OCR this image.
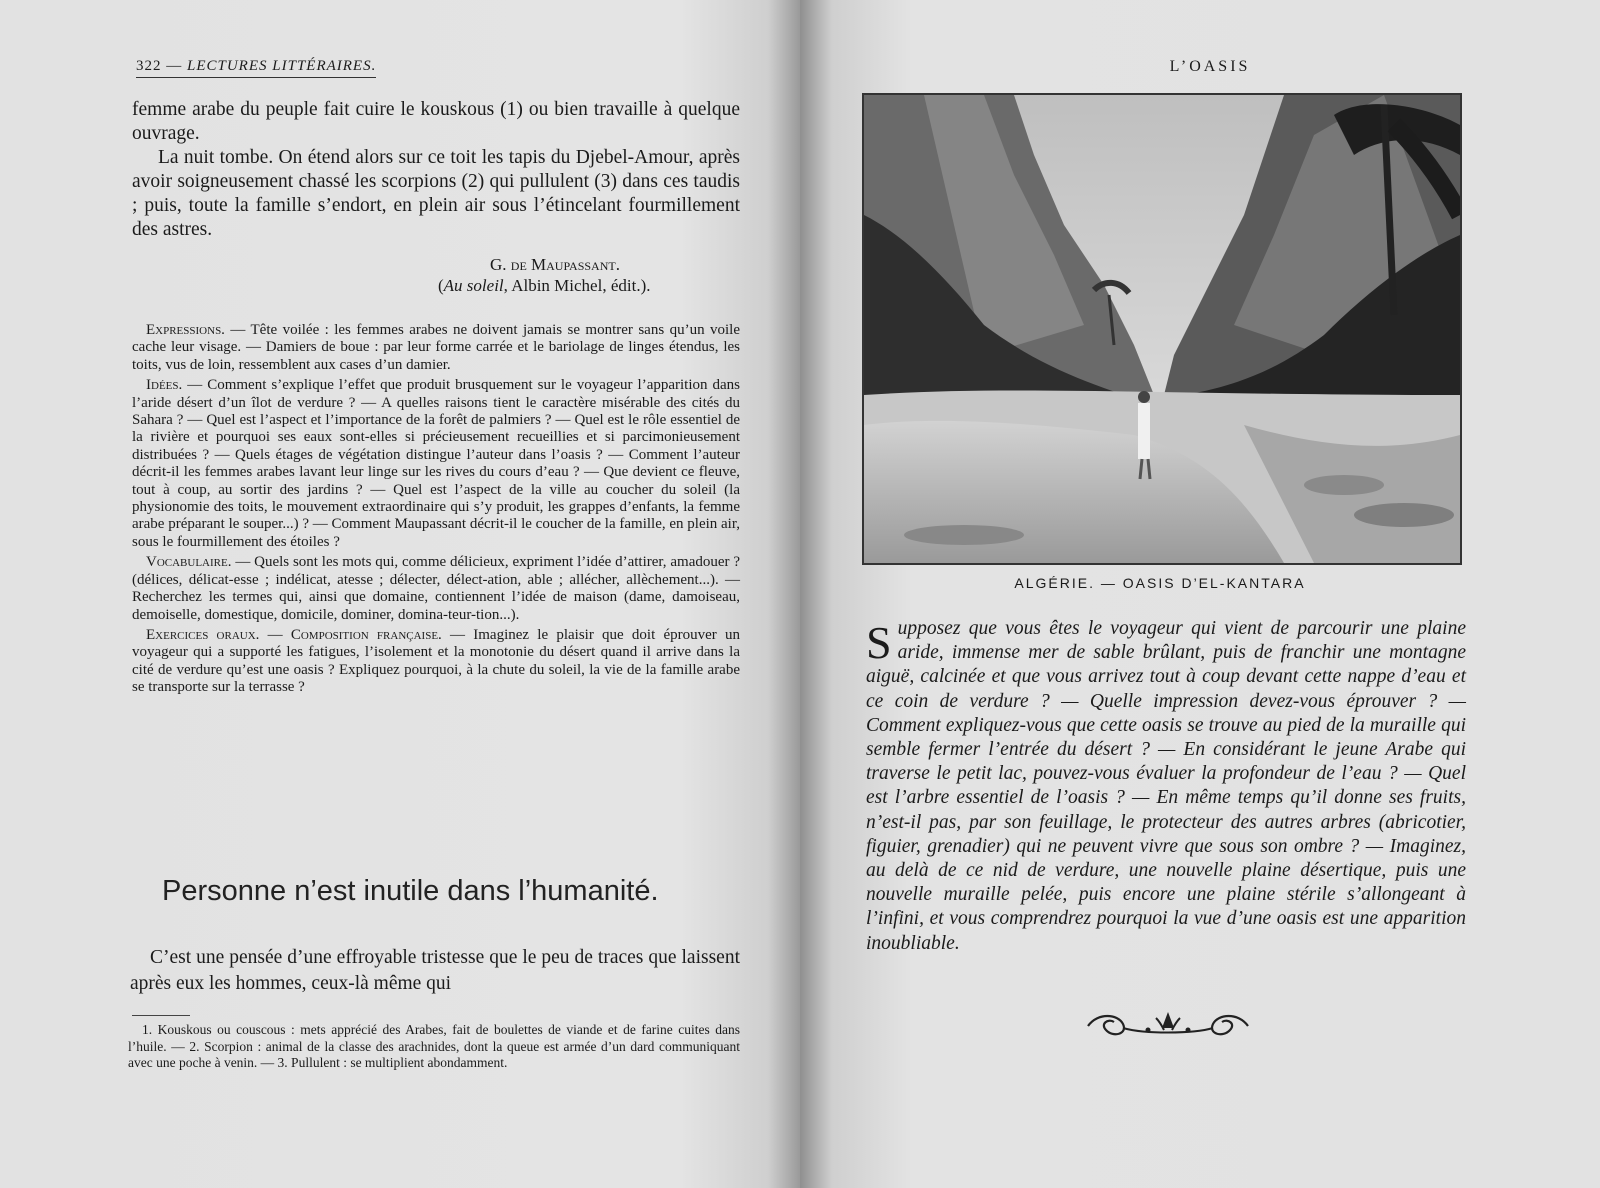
322 — LECTURES LITTÉRAIRES.

femme arabe du peuple fait cuire le kouskous (1) ou bien travaille à quelque ouvrage.

La nuit tombe. On étend alors sur ce toit les tapis du Djebel-Amour, après avoir soigneusement chassé les scorpions (2) qui pullulent (3) dans ces taudis ; puis, toute la famille s’endort, en plein air sous l’étincelant fourmillement des astres.

G. de Maupassant.
(Au soleil, Albin Michel, édit.).

Expressions. — Tête voilée : les femmes arabes ne doivent jamais se montrer sans qu’un voile cache leur visage. — Damiers de boue : par leur forme carrée et le bariolage de linges étendus, les toits, vus de loin, ressemblent aux cases d’un damier.

Idées. — Comment s’explique l’effet que produit brusquement sur le voyageur l’apparition dans l’aride désert d’un îlot de verdure ? — A quelles raisons tient le caractère misérable des cités du Sahara ? — Quel est l’aspect et l’importance de la forêt de palmiers ? — Quel est le rôle essentiel de la rivière et pourquoi ses eaux sont-elles si précieusement recueillies et si parcimonieusement distribuées ? — Quels étages de végétation distingue l’auteur dans l’oasis ? — Comment l’auteur décrit-il les femmes arabes lavant leur linge sur les rives du cours d’eau ? — Que devient ce fleuve, tout à coup, au sortir des jardins ? — Quel est l’aspect de la ville au coucher du soleil (la physionomie des toits, le mouvement extraordinaire qui s’y produit, les grappes d’enfants, la femme arabe préparant le souper...) ? — Comment Maupassant décrit-il le coucher de la famille, en plein air, sous le fourmillement des étoiles ?

Vocabulaire. — Quels sont les mots qui, comme délicieux, expriment l’idée d’attirer, amadouer ? (délices, délicat-esse ; indélicat, atesse ; délecter, délect-ation, able ; allécher, allèchement...). — Recherchez les termes qui, ainsi que domaine, contiennent l’idée de maison (dame, damoiseau, demoiselle, domestique, domicile, dominer, domina-teur-tion...).

Exercices oraux. — Composition française. — Imaginez le plaisir que doit éprouver un voyageur qui a supporté les fatigues, l’isolement et la monotonie du désert quand il arrive dans la cité de verdure qu’est une oasis ? Expliquez pourquoi, à la chute du soleil, la vie de la famille arabe se transporte sur la terrasse ?

Personne n’est inutile dans l’humanité.

C’est une pensée d’une effroyable tristesse que le peu de traces que laissent après eux les hommes, ceux-là même qui

1. Kouskous ou couscous : mets apprécié des Arabes, fait de boulettes de viande et de farine cuites dans l’huile. — 2. Scorpion : animal de la classe des arachnides, dont la queue est armée d’un dard communiquant avec une poche à venin. — 3. Pullulent : se multiplient abondamment.

L’OASIS
ALGÉRIE. — OASIS D’EL-KANTARA
Supposez que vous êtes le voyageur qui vient de parcourir une plaine aride, immense mer de sable brûlant, puis de franchir une montagne aiguë, calcinée et que vous arrivez tout à coup devant cette nappe d’eau et ce coin de verdure ? — Quelle impression devez-vous éprouver ? — Comment expliquez-vous que cette oasis se trouve au pied de la muraille qui semble fermer l’entrée du désert ? — En considérant le jeune Arabe qui traverse le petit lac, pouvez-vous évaluer la profondeur de l’eau ? — Quel est l’arbre essentiel de l’oasis ? — En même temps qu’il donne ses fruits, n’est-il pas, par son feuillage, le protecteur des autres arbres (abricotier, figuier, grenadier) qui ne peuvent vivre que sous son ombre ? — Imaginez, au delà de ce nid de verdure, une nouvelle plaine désertique, puis une nouvelle muraille pelée, puis encore une plaine stérile s’allongeant à l’infini, et vous comprendrez pourquoi la vue d’une oasis est une apparition inoubliable.
